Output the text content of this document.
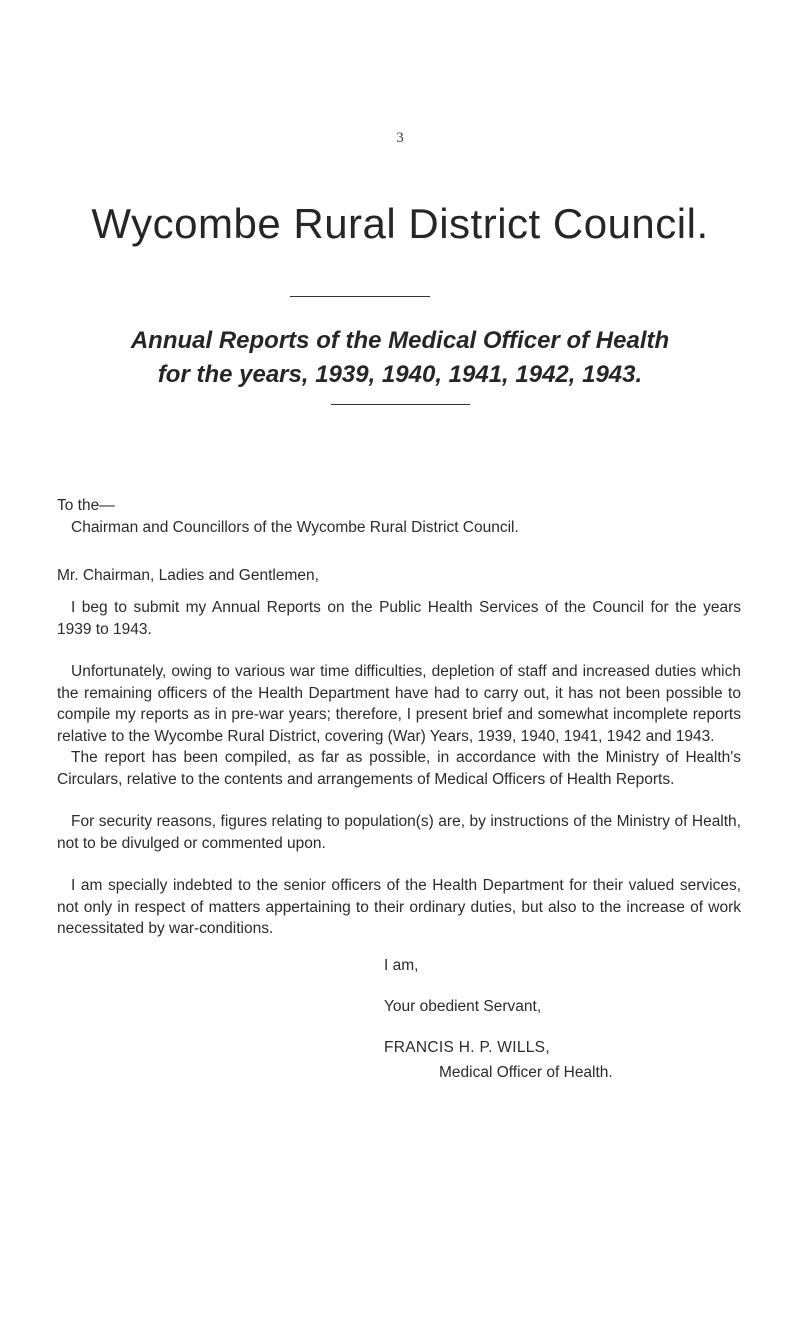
3
Wycombe Rural District Council.
Annual Reports of the Medical Officer of Health
for the years, 1939, 1940, 1941, 1942, 1943.

To the—

Chairman and Councillors of the Wycombe Rural District Council.

Mr. Chairman, Ladies and Gentlemen,

I beg to submit my Annual Reports on the Public Health Services of the Council for the years 1939 to 1943.

Unfortunately, owing to various war time difficulties, depletion of staff and increased duties which the remaining officers of the Health Department have had to carry out, it has not been possible to compile my reports as in pre-war years; therefore, I present brief and somewhat incomplete reports relative to the Wycombe Rural District, covering (War) Years, 1939, 1940, 1941, 1942 and 1943.

The report has been compiled, as far as possible, in accordance with the Ministry of Health's Circulars, relative to the contents and arrangements of Medical Officers of Health Reports.

For security reasons, figures relating to population(s) are, by instructions of the Ministry of Health, not to be divulged or commented upon.

I am specially indebted to the senior officers of the Health Department for their valued services, not only in respect of matters appertaining to their ordinary duties, but also to the increase of work necessitated by war-conditions.

I am,
Your obedient Servant,
FRANCIS H. P. WILLS,
Medical Officer of Health.
